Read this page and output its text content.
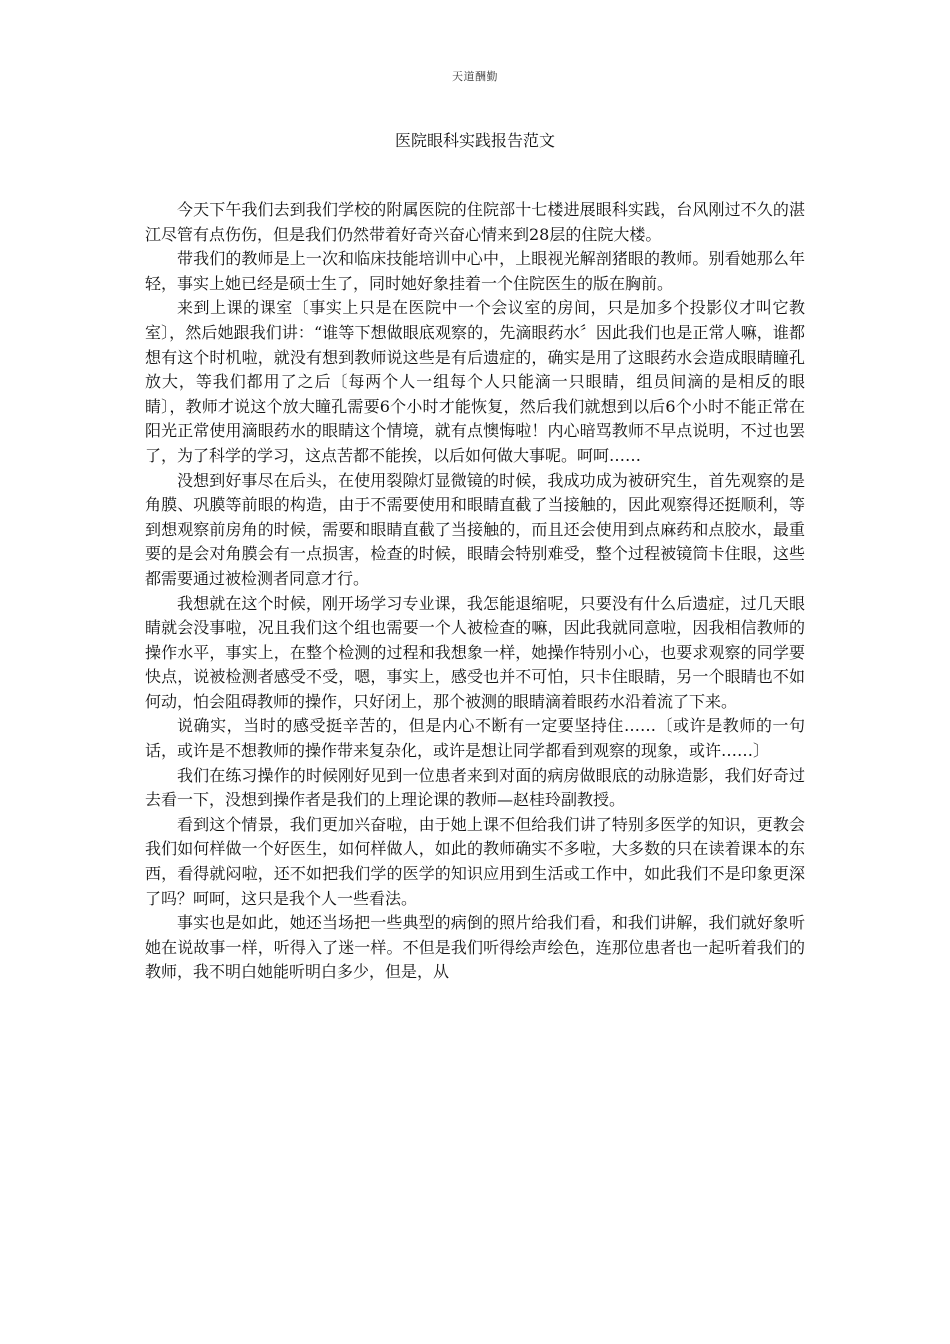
天道酬勤
医院眼科实践报告范文

今天下午我们去到我们学校的附属医院的住院部十七楼进展眼科实践，台风刚过不久的湛江尽管有点伤伤，但是我们仍然带着好奇兴奋心情来到28层的住院大楼。

带我们的教师是上一次和临床技能培训中心中，上眼视光解剖猪眼的教师。别看她那么年轻，事实上她已经是硕士生了，同时她好象挂着一个住院医生的版在胸前。

来到上课的课室〔事实上只是在医院中一个会议室的房间，只是加多个投影仪才叫它教室〕，然后她跟我们讲：“谁等下想做眼底观察的，先滴眼药水〞因此我们也是正常人嘛，谁都想有这个时机啦，就没有想到教师说这些是有后遗症的，确实是用了这眼药水会造成眼睛瞳孔放大，等我们都用了之后〔每两个人一组每个人只能滴一只眼睛，组员间滴的是相反的眼睛〕，教师才说这个放大瞳孔需要6个小时才能恢复，然后我们就想到以后6个小时不能正常在阳光正常使用滴眼药水的眼睛这个情境，就有点懊悔啦！内心暗骂教师不早点说明，不过也罢了，为了科学的学习，这点苦都不能挨，以后如何做大事呢。呵呵……

没想到好事尽在后头，在使用裂隙灯显微镜的时候，我成功成为被研究生，首先观察的是角膜、巩膜等前眼的构造，由于不需要使用和眼睛直截了当接触的，因此观察得还挺顺利，等到想观察前房角的时候，需要和眼睛直截了当接触的，而且还会使用到点麻药和点胶水，最重要的是会对角膜会有一点损害，检查的时候，眼睛会特别难受，整个过程被镜筒卡住眼，这些都需要通过被检测者同意才行。

我想就在这个时候，刚开场学习专业课，我怎能退缩呢，只要没有什么后遗症，过几天眼睛就会没事啦，况且我们这个组也需要一个人被检查的嘛，因此我就同意啦，因我相信教师的操作水平，事实上，在整个检测的过程和我想象一样，她操作特别小心，也要求观察的同学要快点，说被检测者感受不受，嗯，事实上，感受也并不可怕，只卡住眼睛，另一个眼睛也不如何动，怕会阻碍教师的操作，只好闭上，那个被测的眼睛滴着眼药水沿着流了下来。

说确实，当时的感受挺辛苦的，但是内心不断有一定要坚持住……〔或许是教师的一句话，或许是不想教师的操作带来复杂化，或许是想让同学都看到观察的现象，或许……〕

我们在练习操作的时候刚好见到一位患者来到对面的病房做眼底的动脉造影，我们好奇过去看一下，没想到操作者是我们的上理论课的教师—赵桂玲副教授。

看到这个情景，我们更加兴奋啦，由于她上课不但给我们讲了特别多医学的知识，更教会我们如何样做一个好医生，如何样做人，如此的教师确实不多啦，大多数的只在读着课本的东西，看得就闷啦，还不如把我们学的医学的知识应用到生活或工作中，如此我们不是印象更深了吗？呵呵，这只是我个人一些看法。

事实也是如此，她还当场把一些典型的病倒的照片给我们看，和我们讲解，我们就好象听她在说故事一样，听得入了迷一样。不但是我们听得绘声绘色，连那位患者也一起听着我们的教师，我不明白她能听明白多少，但是，从
